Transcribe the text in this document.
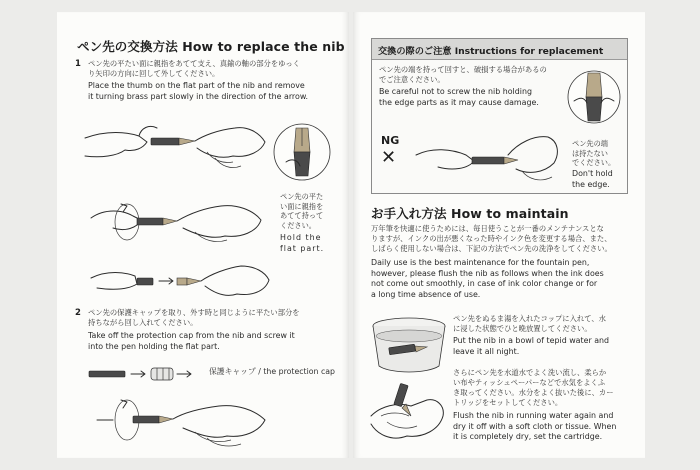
ペン先の交換方法 How to replace the nib
1 ペン先の平たい面に親指をあてて支え、真鍮の軸の部分をゆっく
り矢印の方向に回して外してください。
Place the thumb on the flat part of the nib and remove
it turning brass part slowly in the direction of the arrow.
ペン先の平た
い面に親指を
あてて持って
ください。
Hold the
flat part.
2 ペン先の保護キャップを取り、外す時と同じように平たい部分を
持ちながら回し入れてください。
Take off the protection cap from the nib and screw it
into the pen holding the flat part.
保護キャップ / the protection cap
交換の際のご注意 Instructions for replacement
ペン先の端を持って回すと、破損する場合があるの
でご注意ください。
Be careful not to screw the nib holding
the edge parts as it may cause damage.
NG
✕
ペン先の端
は持たない
でください。
Don't hold
the edge.
お手入れ方法 How to maintain
万年筆を快適に使うためには、毎日使うことが一番のメンテナンスとな
りますが、インクの出が悪くなった時やインク色を変更する場合、また、
しばらく使用しない場合は、下記の方法でペン先の洗浄をしてください。
Daily use is the best maintenance for the fountain pen,
however, please flush the nib as follows when the ink does
not come out smoothly, in case of ink color change or for
a long time absence of use.
ペン先をぬるま湯を入れたコップに入れて、水
に浸した状態でひと晩放置してください。
Put the nib in a bowl of tepid water and
leave it all night.
さらにペン先を水道水でよく洗い流し、柔らか
い布やティッシュペーパーなどで水気をよくふ
き取ってください。水分をよく抜いた後に、カー
トリッジをセットしてください。
Flush the nib in running water again and
dry it off with a soft cloth or tissue. When
it is completely dry, set the cartridge.
